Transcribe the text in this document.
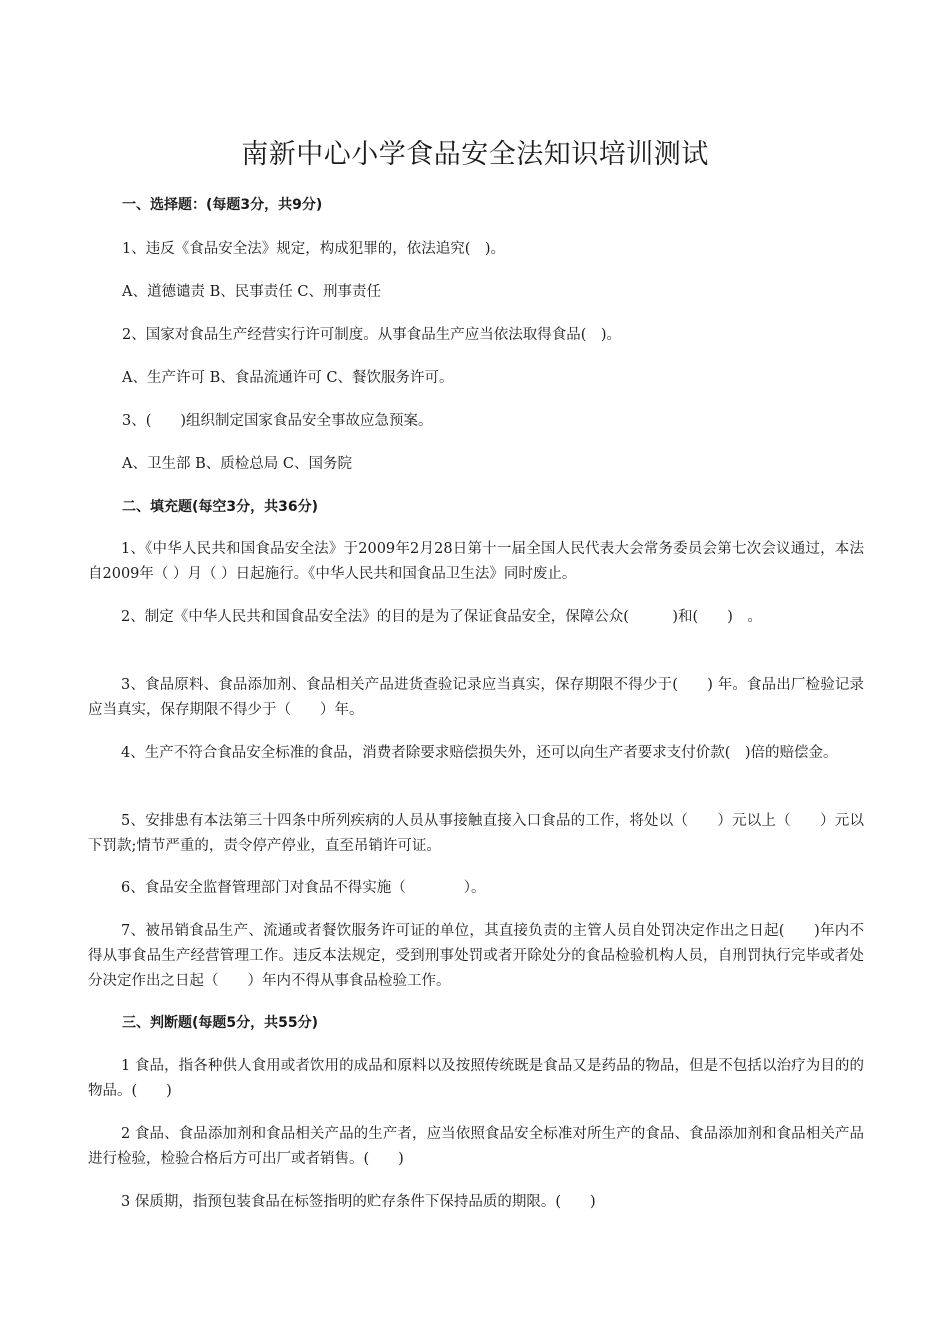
南新中心小学食品安全法知识培训测试

一、选择题：(每题3分，共9分)

1、违反《食品安全法》规定，构成犯罪的，依法追究(　)。

A、道德谴责 B、民事责任 C、刑事责任

2、国家对食品生产经营实行许可制度。从事食品生产应当依法取得食品(　)。

A、生产许可 B、食品流通许可 C、餐饮服务许可。

3、(　　)组织制定国家食品安全事故应急预案。

A、卫生部 B、质检总局 C、国务院

二、填充题(每空3分，共36分)

1、《中华人民共和国食品安全法》于2009年2月28日第十一届全国人民代表大会常务委员会第七次会议通过，本法自2009年（ ）月（ ）日起施行。《中华人民共和国食品卫生法》同时废止。

2、制定《中华人民共和国食品安全法》的目的是为了保证食品安全，保障公众(　　　)和(　　)　。

3、食品原料、食品添加剂、食品相关产品进货查验记录应当真实，保存期限不得少于(　　) 年。食品出厂检验记录应当真实，保存期限不得少于（　　）年。

4、生产不符合食品安全标准的食品，消费者除要求赔偿损失外，还可以向生产者要求支付价款(　)倍的赔偿金。

5、安排患有本法第三十四条中所列疾病的人员从事接触直接入口食品的工作，将处以（　　）元以上（　　）元以下罚款;情节严重的，责令停产停业，直至吊销许可证。

6、食品安全监督管理部门对食品不得实施（　　　　）。

7、被吊销食品生产、流通或者餐饮服务许可证的单位，其直接负责的主管人员自处罚决定作出之日起(　　)年内不得从事食品生产经营管理工作。违反本法规定，受到刑事处罚或者开除处分的食品检验机构人员，自刑罚执行完毕或者处分决定作出之日起（　　）年内不得从事食品检验工作。

三、判断题(每题5分，共55分)

1 食品，指各种供人食用或者饮用的成品和原料以及按照传统既是食品又是药品的物品，但是不包括以治疗为目的的物品。(　　)

2 食品、食品添加剂和食品相关产品的生产者，应当依照食品安全标准对所生产的食品、食品添加剂和食品相关产品进行检验，检验合格后方可出厂或者销售。(　　)

3 保质期，指预包装食品在标签指明的贮存条件下保持品质的期限。(　　)
